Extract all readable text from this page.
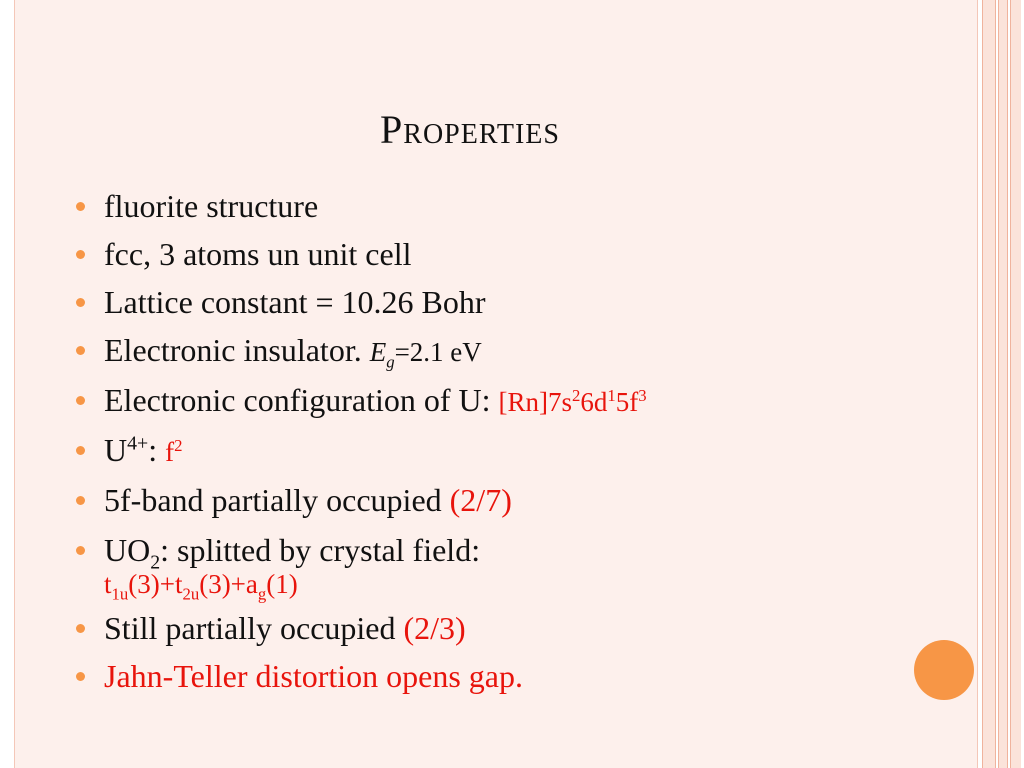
Properties
fluorite structure
fcc, 3 atoms un unit cell
Lattice constant = 10.26 Bohr
Electronic insulator. $E_g=2.1$ eV
Electronic configuration of U: $[Rn]7s^26d^15f^3$
$U^{4+}$: $f^2$
5f-band partially occupied (2/7)
$UO_2$: splitted by crystal field:
$t_{1u}(3)+t_{2u}(3)+a_g(1)$
Still partially occupied (2/3)
Jahn-Teller distortion opens gap.
